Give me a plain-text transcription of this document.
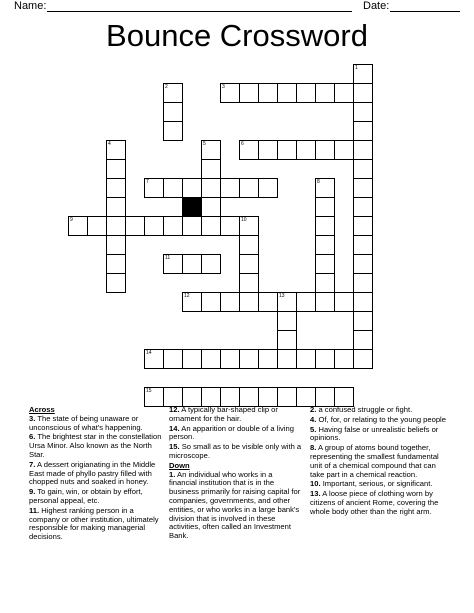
Name:	Date:
Bounce Crossword
1
2	3
4	5	6
7	8
9	10
11
12	13
14
15
Across
3. The state of being unaware or unconscious of what's happening.
6. The brightest star in the constellation Ursa Minor. Also known as the North Star.
7. A dessert origianating in the Middle East made of phyllo pastry filled with chopped nuts and soaked in honey.
9. To gain, win, or obtain by effort, personal appeal, etc.
11. Highest ranking person in a company or other institution, ultimately responsible for making managerial decisions.
12. A typically bar-shaped clip or ornament for the hair.
14. An apparition or double of a living person.
15. So small as to be visible only with a microscope.
Down
1. An individual who works in a financial institution that is in the business primarily for raising capital for companies, governments, and other entities, or who works in a large bank's division that is involved in these activities, often called an Investment Bank.
2. a confused struggle or fight.
4. Of, for, or relating to the young people
5. Having false or unrealistic beliefs or opinions.
8. A group of atoms bound together, representing the smallest fundamental unit of a chemical compound that can take part in a chemical reaction.
10. Important, serious, or significant.
13. A loose piece of clothing worn by citizens of ancient Rome, covering the whole body other than the right arm.
